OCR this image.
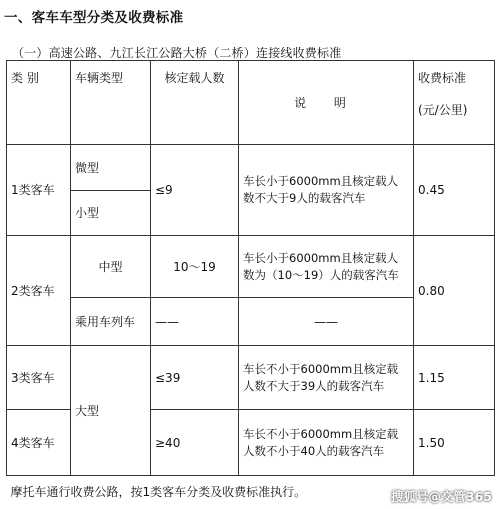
一、客车车型分类及收费标准
（一）高速公路、九江长江公路大桥（二桥）连接线收费标准
类 别	车辆类型	核定载人数	说 明	收费标准
(元/公里)

1类客车	微型	≤9	车长小于6000mm且核定载人数不大于9人的载客汽车	0.45
	小型			
2类客车	中型	10～19	车长小于6000mm且核定载人数为（10～19）人的载客汽车	0.80
	乘用车列车	——	——	
3类客车	大型	≤39	车长不小于6000mm且核定载人数不大于39人的载客汽车	1.15
4类客车		≥40	车长不小于6000mm且核定载人数不小于40人的载客汽车	1.50
摩托车通行收费公路，按1类客车分类及收费标准执行。					搜狐号@交管365
